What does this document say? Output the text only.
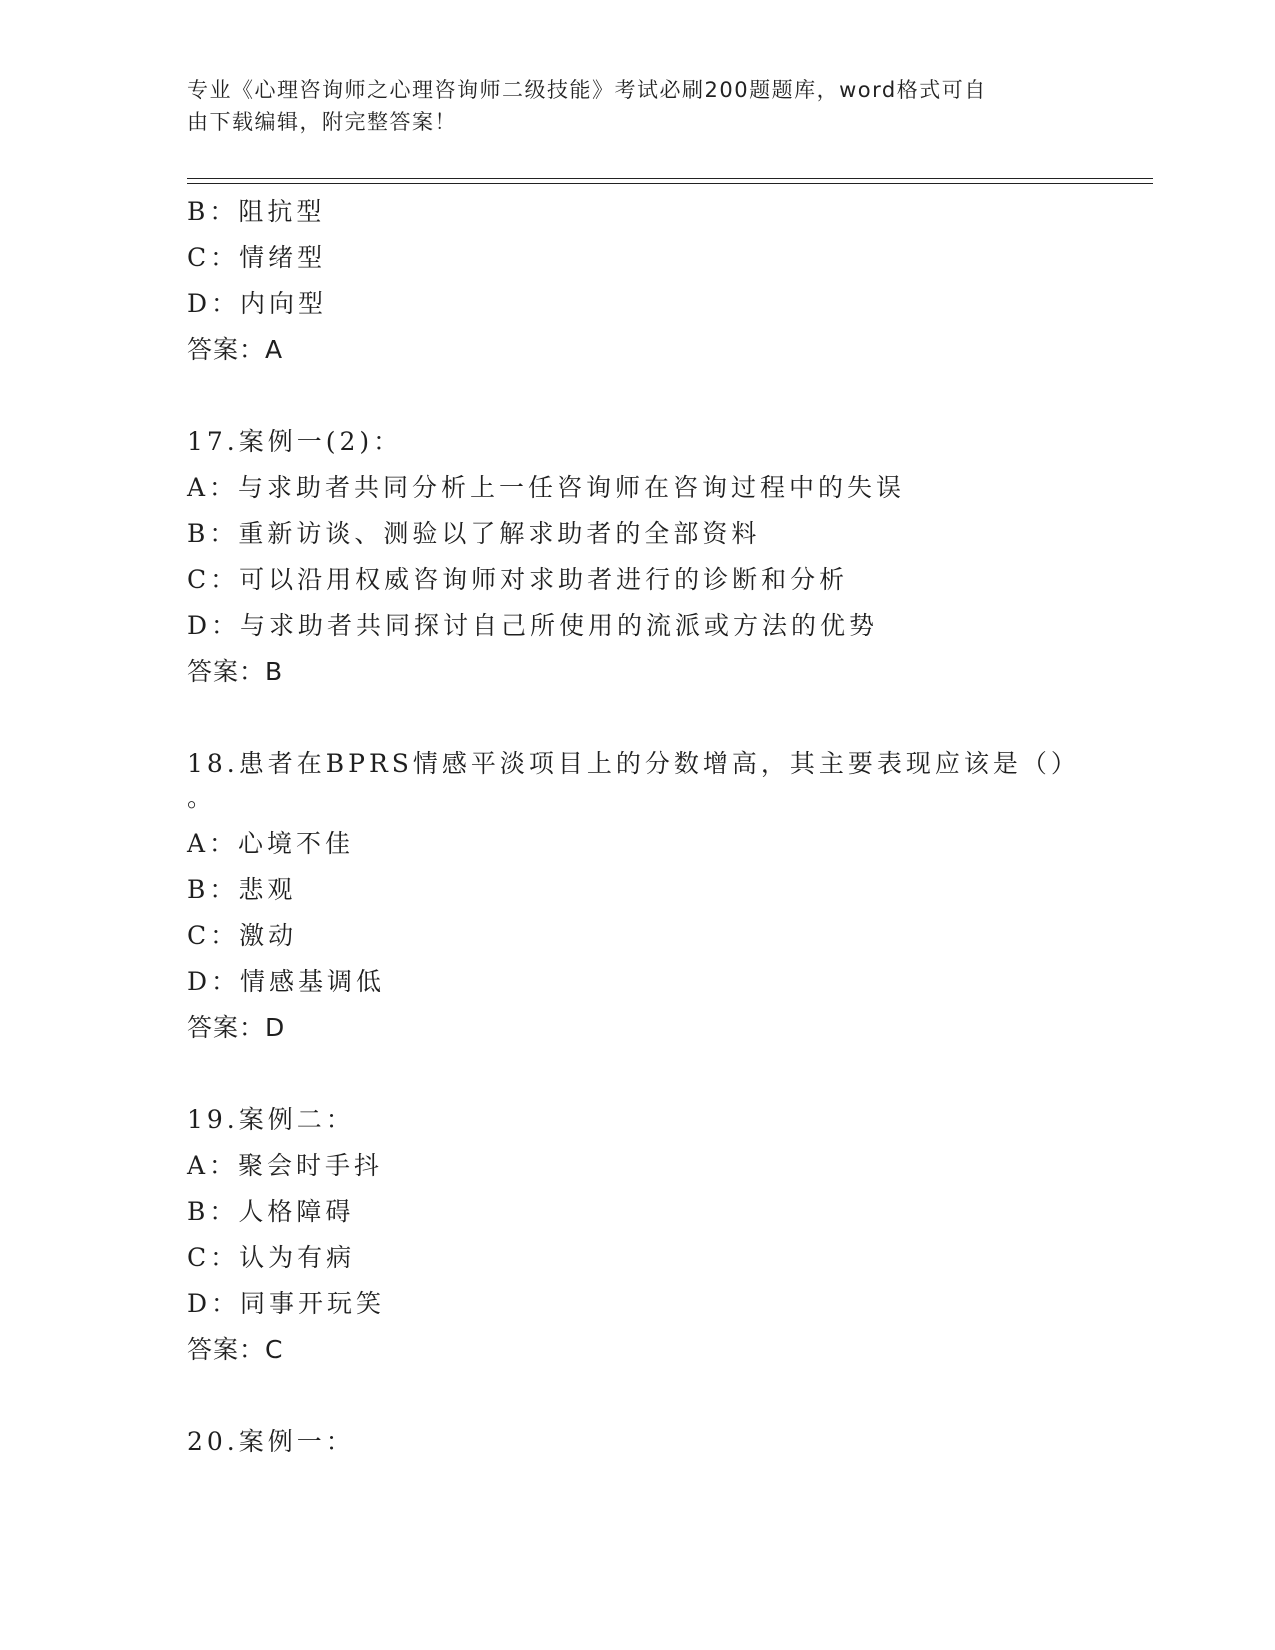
专业《心理咨询师之心理咨询师二级技能》考试必刷200题题库，word格式可自
由下载编辑，附完整答案！
B：阻抗型
C：情绪型
D：内向型
答案：A
17.案例一(2)：
A：与求助者共同分析上一任咨询师在咨询过程中的失误
B：重新访谈、测验以了解求助者的全部资料
C：可以沿用权威咨询师对求助者进行的诊断和分析
D：与求助者共同探讨自己所使用的流派或方法的优势
答案：B
18.患者在BPRS情感平淡项目上的分数增高，其主要表现应该是（）
。
A：心境不佳
B：悲观
C：激动
D：情感基调低
答案：D
19.案例二：
A：聚会时手抖
B：人格障碍
C：认为有病
D：同事开玩笑
答案：C
20.案例一：
